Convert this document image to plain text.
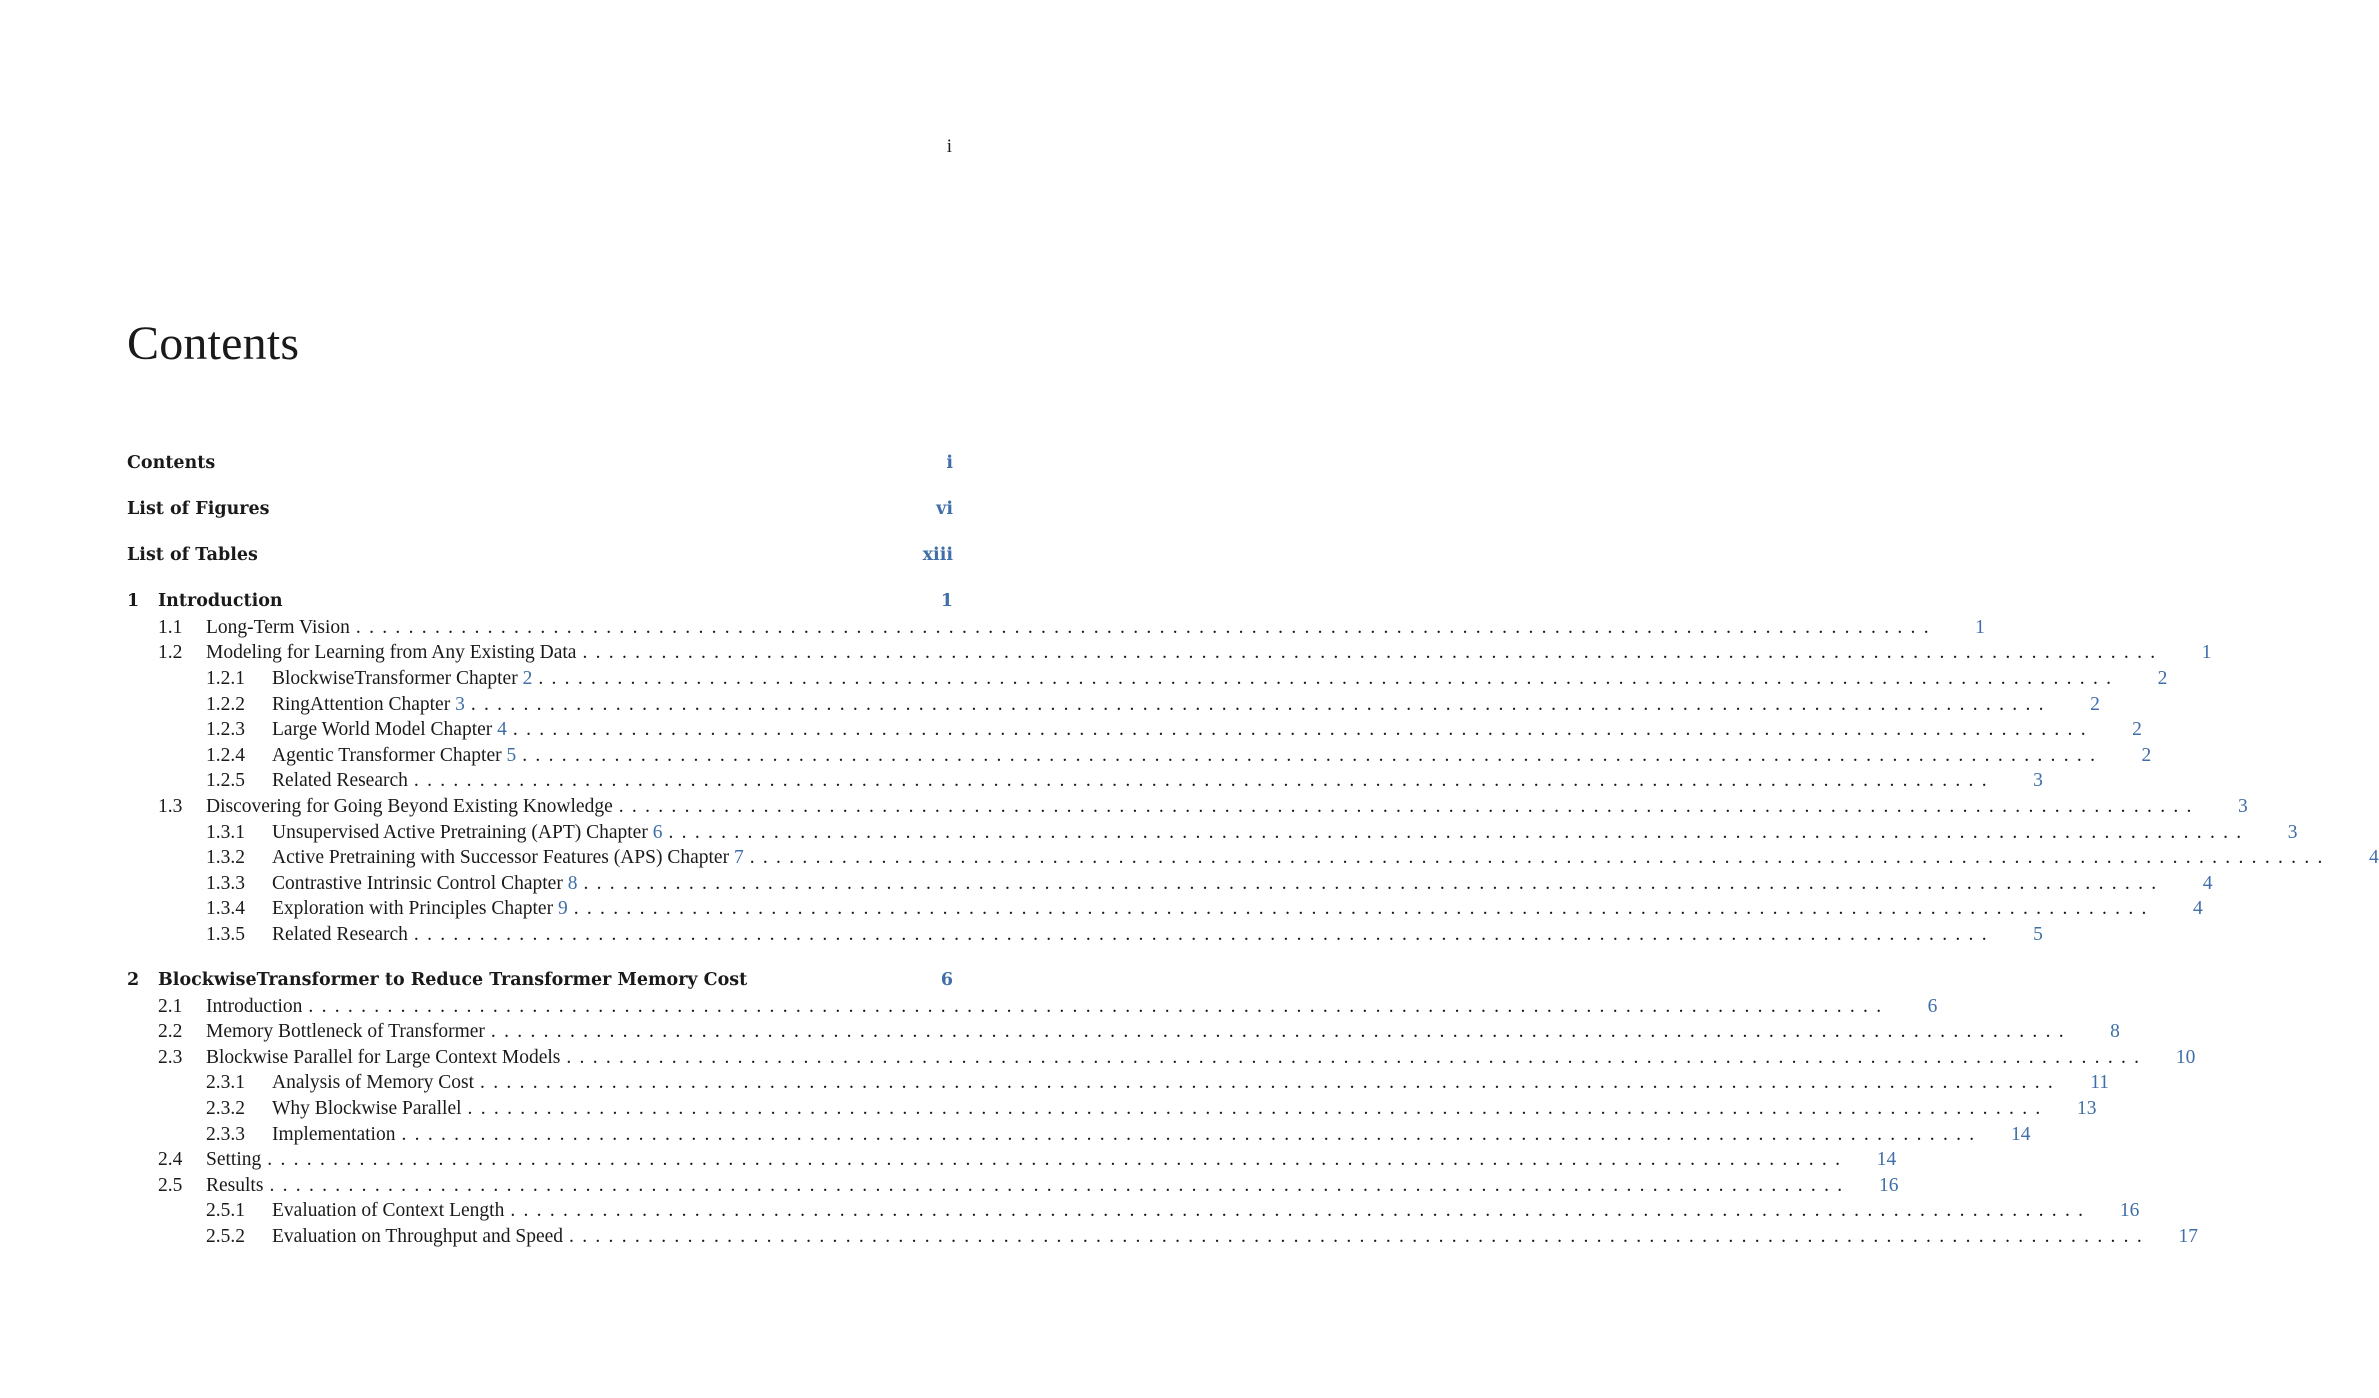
i
Contents
Contents	i
List of Figures	vi
List of Tables	xiii
1	Introduction	1
1.1	Long-Term Vision ........................................................................................................................	1
1.2	Modeling for Learning from Any Existing Data ........................................................................................................................	1
1.2.1	BlockwiseTransformer Chapter 2 ........................................................................................................................	2
1.2.2	RingAttention Chapter 3 ........................................................................................................................	2
1.2.3	Large World Model Chapter 4 ........................................................................................................................	2
1.2.4	Agentic Transformer Chapter 5 ........................................................................................................................	2
1.2.5	Related Research ........................................................................................................................	3
1.3	Discovering for Going Beyond Existing Knowledge ........................................................................................................................	3
1.3.1	Unsupervised Active Pretraining (APT) Chapter 6 ........................................................................................................................	3
1.3.2	Active Pretraining with Successor Features (APS) Chapter 7 ........................................................................................................................	4
1.3.3	Contrastive Intrinsic Control Chapter 8 ........................................................................................................................	4
1.3.4	Exploration with Principles Chapter 9 ........................................................................................................................	4
1.3.5	Related Research ........................................................................................................................	5
2	BlockwiseTransformer to Reduce Transformer Memory Cost	6
2.1	Introduction ........................................................................................................................	6
2.2	Memory Bottleneck of Transformer ........................................................................................................................	8
2.3	Blockwise Parallel for Large Context Models ........................................................................................................................	10
2.3.1	Analysis of Memory Cost ........................................................................................................................	11
2.3.2	Why Blockwise Parallel ........................................................................................................................	13
2.3.3	Implementation ........................................................................................................................	14
2.4	Setting ........................................................................................................................	14
2.5	Results ........................................................................................................................	16
2.5.1	Evaluation of Context Length ........................................................................................................................	16
2.5.2	Evaluation on Throughput and Speed ........................................................................................................................	17
